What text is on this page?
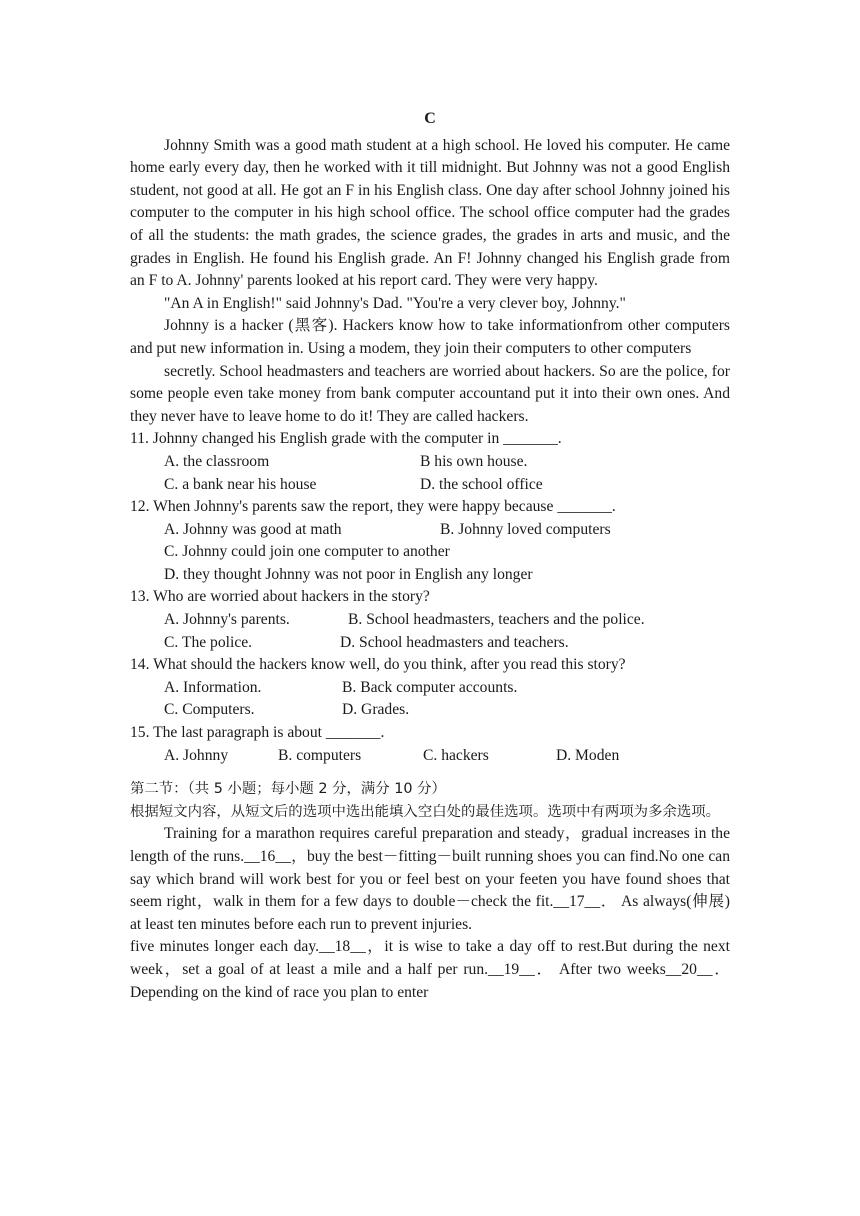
C

Johnny Smith was a good math student at a high school. He loved his computer. He came home early every day, then he worked with it till midnight. But Johnny was not a good English student, not good at all. He got an F in his English class. One day after school Johnny joined his computer to the computer in his high school office. The school office computer had the grades of all the students: the math grades, the science grades, the grades in arts and music, and the grades in English. He found his English grade. An F! Johnny changed his English grade from an F to A. Johnny' parents looked at his report card. They were very happy.

"An A in English!" said Johnny's Dad. "You're a very clever boy, Johnny."

Johnny is a hacker (黑客). Hackers know how to take informationfrom other computers and put new information in. Using a modem, they join their computers to other computers

secretly. School headmasters and teachers are worried about hackers. So are the police, for some people even take money from bank computer accountand put it into their own ones. And they never have to leave home to do it! They are called hackers.

11. Johnny changed his English grade with the computer in _______.

A. the classroom	B his own house.
C. a bank near his house	D. the school office

12. When Johnny's parents saw the report, they were happy because _______.

A. Johnny was good at math	B. Johnny loved computers
C. Johnny could join one computer to another
D. they thought Johnny was not poor in English any longer

13. Who are worried about hackers in the story?

A. Johnny's parents.	B. School headmasters, teachers and the police.
C. The police.	D. School headmasters and teachers.

14. What should the hackers know well, do you think, after you read this story?

A. Information.	B. Back computer accounts.
C. Computers.	D. Grades.

15. The last paragraph is about _______.

A. Johnny	B. computers	C. hackers	D. Moden

第二节：（共 5 小题；每小题 2 分，满分 10 分）

根据短文内容，从短文后的选项中选出能填入空白处的最佳选项。选项中有两项为多余选项。

Training for a marathon requires careful preparation and steady，gradual increases in the length of the runs.__16__，buy the best－fitting－built running shoes you can find.No one can say which brand will work best for you or feel best on your feeten you have found shoes that seem right，walk in them for a few days to double－check the fit.__17__． As always(伸展) at least ten minutes before each run to prevent injuries.

five minutes longer each day.__18__，it is wise to take a day off to rest.But during the next week，set a goal of at least a mile and a half per run.__19__． After two weeks__20__． Depending on the kind of race you plan to enter
